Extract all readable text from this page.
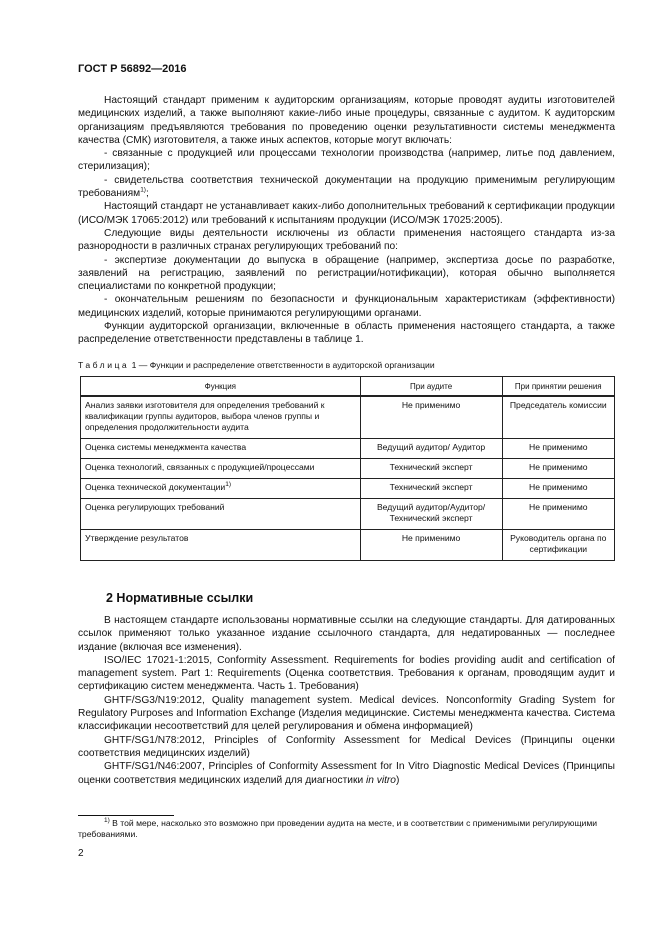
ГОСТ Р 56892—2016

Настоящий стандарт применим к аудиторским организациям, которые проводят аудиты изготовителей медицинских изделий, а также выполняют какие-либо иные процедуры, связанные с аудитом. К аудиторским организациям предъявляются требования по проведению оценки результативности системы менеджмента качества (СМК) изготовителя, а также иных аспектов, которые могут включать:

- связанные с продукцией или процессами технологии производства (например, литье под давлением, стерилизация);

- свидетельства соответствия технической документации на продукцию применимым регулирующим требованиям$^{1)}$;

Настоящий стандарт не устанавливает каких-либо дополнительных требований к сертификации продукции (ИСО/МЭК 17065:2012) или требований к испытаниям продукции (ИСО/МЭК 17025:2005).

Следующие виды деятельности исключены из области применения настоящего стандарта из-за разнородности в различных странах регулирующих требований по:

- экспертизе документации до выпуска в обращение (например, экспертиза досье по разработке, заявлений на регистрацию, заявлений по регистрации/нотификации), которая обычно выполняется специалистами по конкретной продукции;

- окончательным решениям по безопасности и функциональным характеристикам (эффективности) медицинских изделий, которые принимаются регулирующими органами.

Функции аудиторской организации, включенные в область применения настоящего стандарта, а также распределение ответственности представлены в таблице 1.

Таблица 1 — Функции и распределение ответственности в аудиторской организации
Функция	При аудите	При принятии решения
Анализ заявки изготовителя для определения требований к квалификации группы аудиторов, выбора членов группы и определения продолжительности аудита	Не применимо	Председатель комиссии
Оценка системы менеджмента качества	Ведущий аудитор/ Аудитор	Не применимо
Оценка технологий, связанных с продукцией/процессами	Технический эксперт	Не применимо
Оценка технической документации$^{1)}$	Технический эксперт	Не применимо
Оценка регулирующих требований	Ведущий аудитор/Аудитор/ Технический эксперт	Не применимо
Утверждение результатов	Не применимо	Руководитель органа по сертификации
2 Нормативные ссылки

В настоящем стандарте использованы нормативные ссылки на следующие стандарты. Для датированных ссылок применяют только указанное издание ссылочного стандарта, для недатированных — последнее издание (включая все изменения).

ISO/IEC 17021-1:2015, Conformity Assessment. Requirements for bodies providing audit and certification of management system. Part 1: Requirements (Оценка соответствия. Требования к органам, проводящим аудит и сертификацию систем менеджмента. Часть 1. Требования)

GHTF/SG3/N19:2012, Quality management system. Medical devices. Nonconformity Grading System for Regulatory Purposes and Information Exchange (Изделия медицинские. Системы менеджмента качества. Система классификации несоответствий для целей регулирования и обмена информацией)

GHTF/SG1/N78:2012, Principles of Conformity Assessment for Medical Devices (Принципы оценки соответствия медицинских изделий)

GHTF/SG1/N46:2007, Principles of Conformity Assessment for In Vitro Diagnostic Medical Devices (Принципы оценки соответствия медицинских изделий для диагностики in vitro)

$^{1)}$ В той мере, насколько это возможно при проведении аудита на месте, и в соответствии с применимыми регулирующими требованиями.
2
